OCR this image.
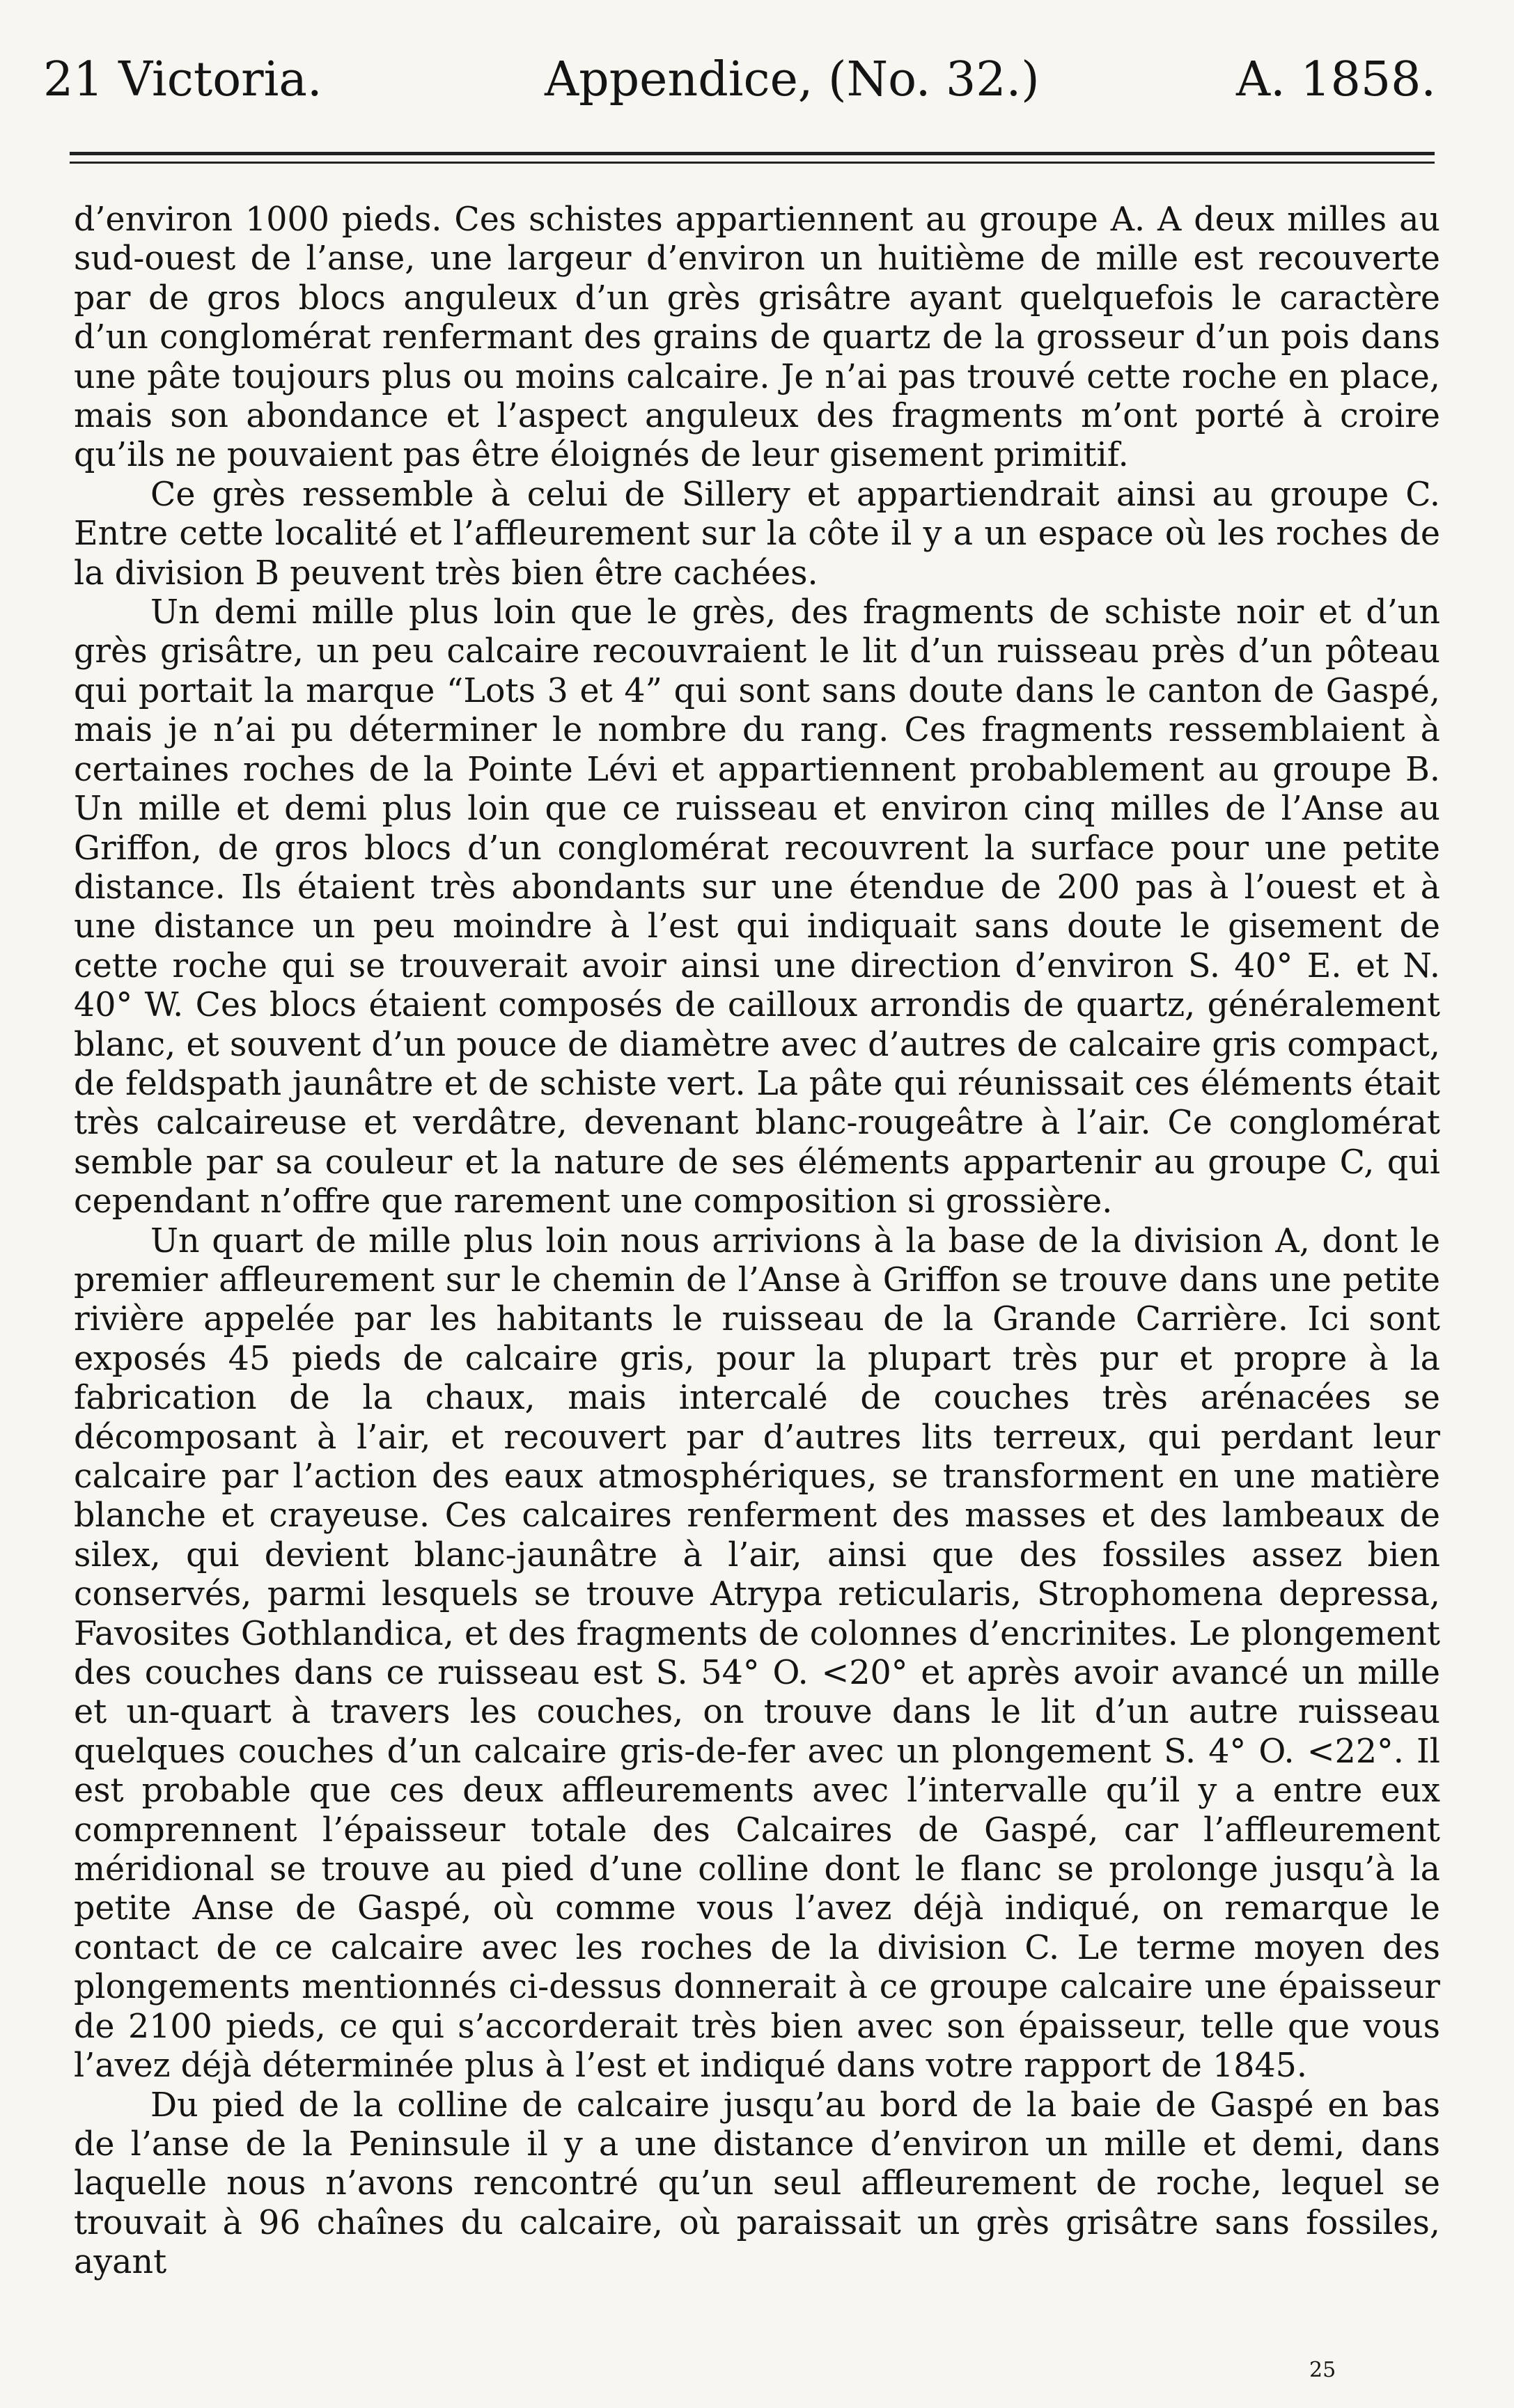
21 Victoria.	Appendice, (No. 32.)	A. 1858.

d’environ 1000 pieds. Ces schistes appartiennent au groupe A. A deux milles au sud-ouest de l’anse, une largeur d’environ un huitième de mille est recouverte par de gros blocs anguleux d’un grès grisâtre ayant quelquefois le caractère d’un conglomérat renfermant des grains de quartz de la grosseur d’un pois dans une pâte toujours plus ou moins calcaire. Je n’ai pas trouvé cette roche en place, mais son abondance et l’aspect anguleux des fragments m’ont porté à croire qu’ils ne pouvaient pas être éloignés de leur gisement primitif.

Ce grès ressemble à celui de Sillery et appartiendrait ainsi au groupe C. Entre cette localité et l’affleurement sur la côte il y a un espace où les roches de la division B peuvent très bien être cachées.

Un demi mille plus loin que le grès, des fragments de schiste noir et d’un grès grisâtre, un peu calcaire recouvraient le lit d’un ruisseau près d’un pôteau qui portait la marque “Lots 3 et 4” qui sont sans doute dans le canton de Gaspé, mais je n’ai pu déterminer le nombre du rang. Ces fragments ressemblaient à certaines roches de la Pointe Lévi et appartiennent probablement au groupe B. Un mille et demi plus loin que ce ruisseau et environ cinq milles de l’Anse au Griffon, de gros blocs d’un conglomérat recouvrent la surface pour une petite distance. Ils étaient très abondants sur une étendue de 200 pas à l’ouest et à une distance un peu moindre à l’est qui indiquait sans doute le gisement de cette roche qui se trouverait avoir ainsi une direction d’environ S. 40° E. et N. 40° W. Ces blocs étaient composés de cailloux arrondis de quartz, généralement blanc, et souvent d’un pouce de diamètre avec d’autres de calcaire gris compact, de feldspath jaunâtre et de schiste vert. La pâte qui réunissait ces éléments était très calcaireuse et verdâtre, devenant blanc-rougeâtre à l’air. Ce conglomérat semble par sa couleur et la nature de ses éléments appartenir au groupe C, qui cependant n’offre que rarement une composition si grossière.

Un quart de mille plus loin nous arrivions à la base de la division A, dont le premier affleurement sur le chemin de l’Anse à Griffon se trouve dans une petite rivière appelée par les habitants le ruisseau de la Grande Carrière. Ici sont exposés 45 pieds de calcaire gris, pour la plupart très pur et propre à la fabrication de la chaux, mais intercalé de couches très arénacées se décomposant à l’air, et recouvert par d’autres lits terreux, qui perdant leur calcaire par l’action des eaux atmosphériques, se transforment en une matière blanche et crayeuse. Ces calcaires renferment des masses et des lambeaux de silex, qui devient blanc-jaunâtre à l’air, ainsi que des fossiles assez bien conservés, parmi lesquels se trouve Atrypa reticularis, Strophomena depressa, Favosites Gothlandica, et des fragments de colonnes d’encrinites. Le plongement des couches dans ce ruisseau est S. 54° O. <20° et après avoir avancé un mille et un-quart à travers les couches, on trouve dans le lit d’un autre ruisseau quelques couches d’un calcaire gris-de-fer avec un plongement S. 4° O. <22°. Il est probable que ces deux affleurements avec l’intervalle qu’il y a entre eux comprennent l’épaisseur totale des Calcaires de Gaspé, car l’affleurement méridional se trouve au pied d’une colline dont le flanc se prolonge jusqu’à la petite Anse de Gaspé, où comme vous l’avez déjà indiqué, on remarque le contact de ce calcaire avec les roches de la division C. Le terme moyen des plongements mentionnés ci-dessus donnerait à ce groupe calcaire une épaisseur de 2100 pieds, ce qui s’accorderait très bien avec son épaisseur, telle que vous l’avez déjà déterminée plus à l’est et indiqué dans votre rapport de 1845.

Du pied de la colline de calcaire jusqu’au bord de la baie de Gaspé en bas de l’anse de la Peninsule il y a une distance d’environ un mille et demi, dans laquelle nous n’avons rencontré qu’un seul affleurement de roche, lequel se trouvait à 96 chaînes du calcaire, où paraissait un grès grisâtre sans fossiles, ayant

25
